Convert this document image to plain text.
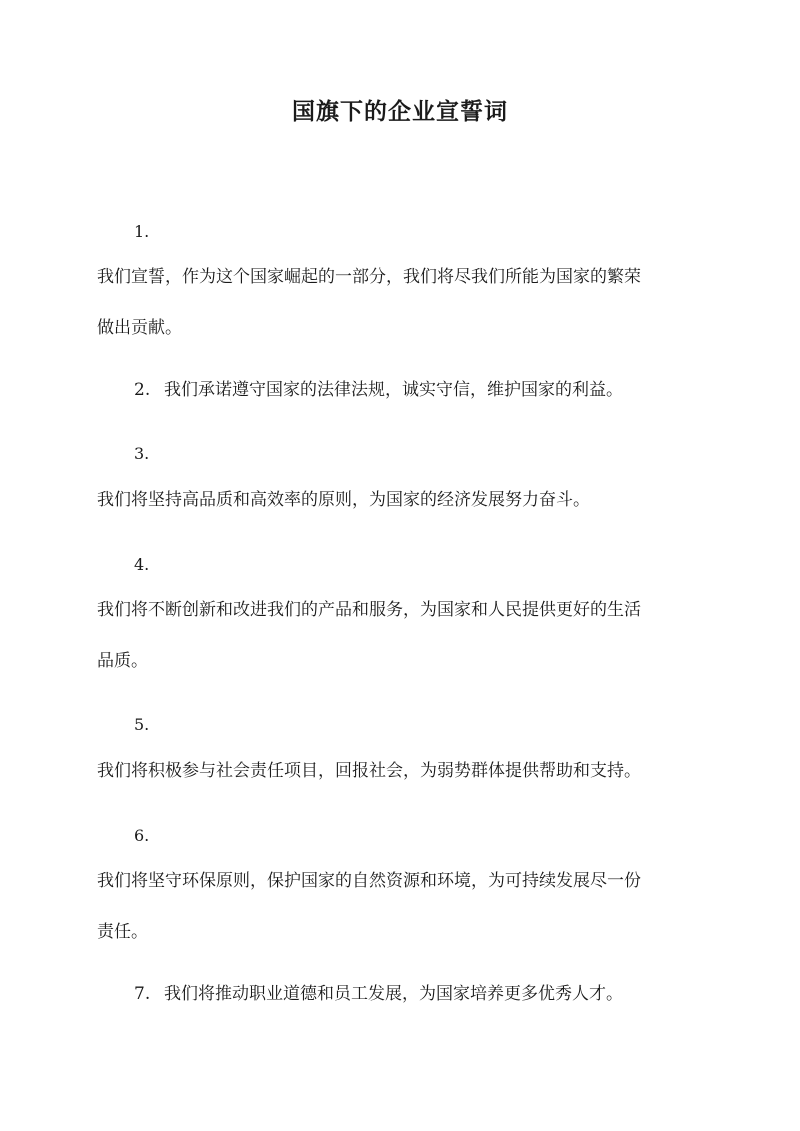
国旗下的企业宣誓词
1.
我们宣誓，作为这个国家崛起的一部分，我们将尽我们所能为国家的繁荣
做出贡献。
2. 我们承诺遵守国家的法律法规，诚实守信，维护国家的利益。
3.
我们将坚持高品质和高效率的原则，为国家的经济发展努力奋斗。
4.
我们将不断创新和改进我们的产品和服务，为国家和人民提供更好的生活
品质。
5.
我们将积极参与社会责任项目，回报社会，为弱势群体提供帮助和支持。
6.
我们将坚守环保原则，保护国家的自然资源和环境，为可持续发展尽一份
责任。
7. 我们将推动职业道德和员工发展，为国家培养更多优秀人才。
